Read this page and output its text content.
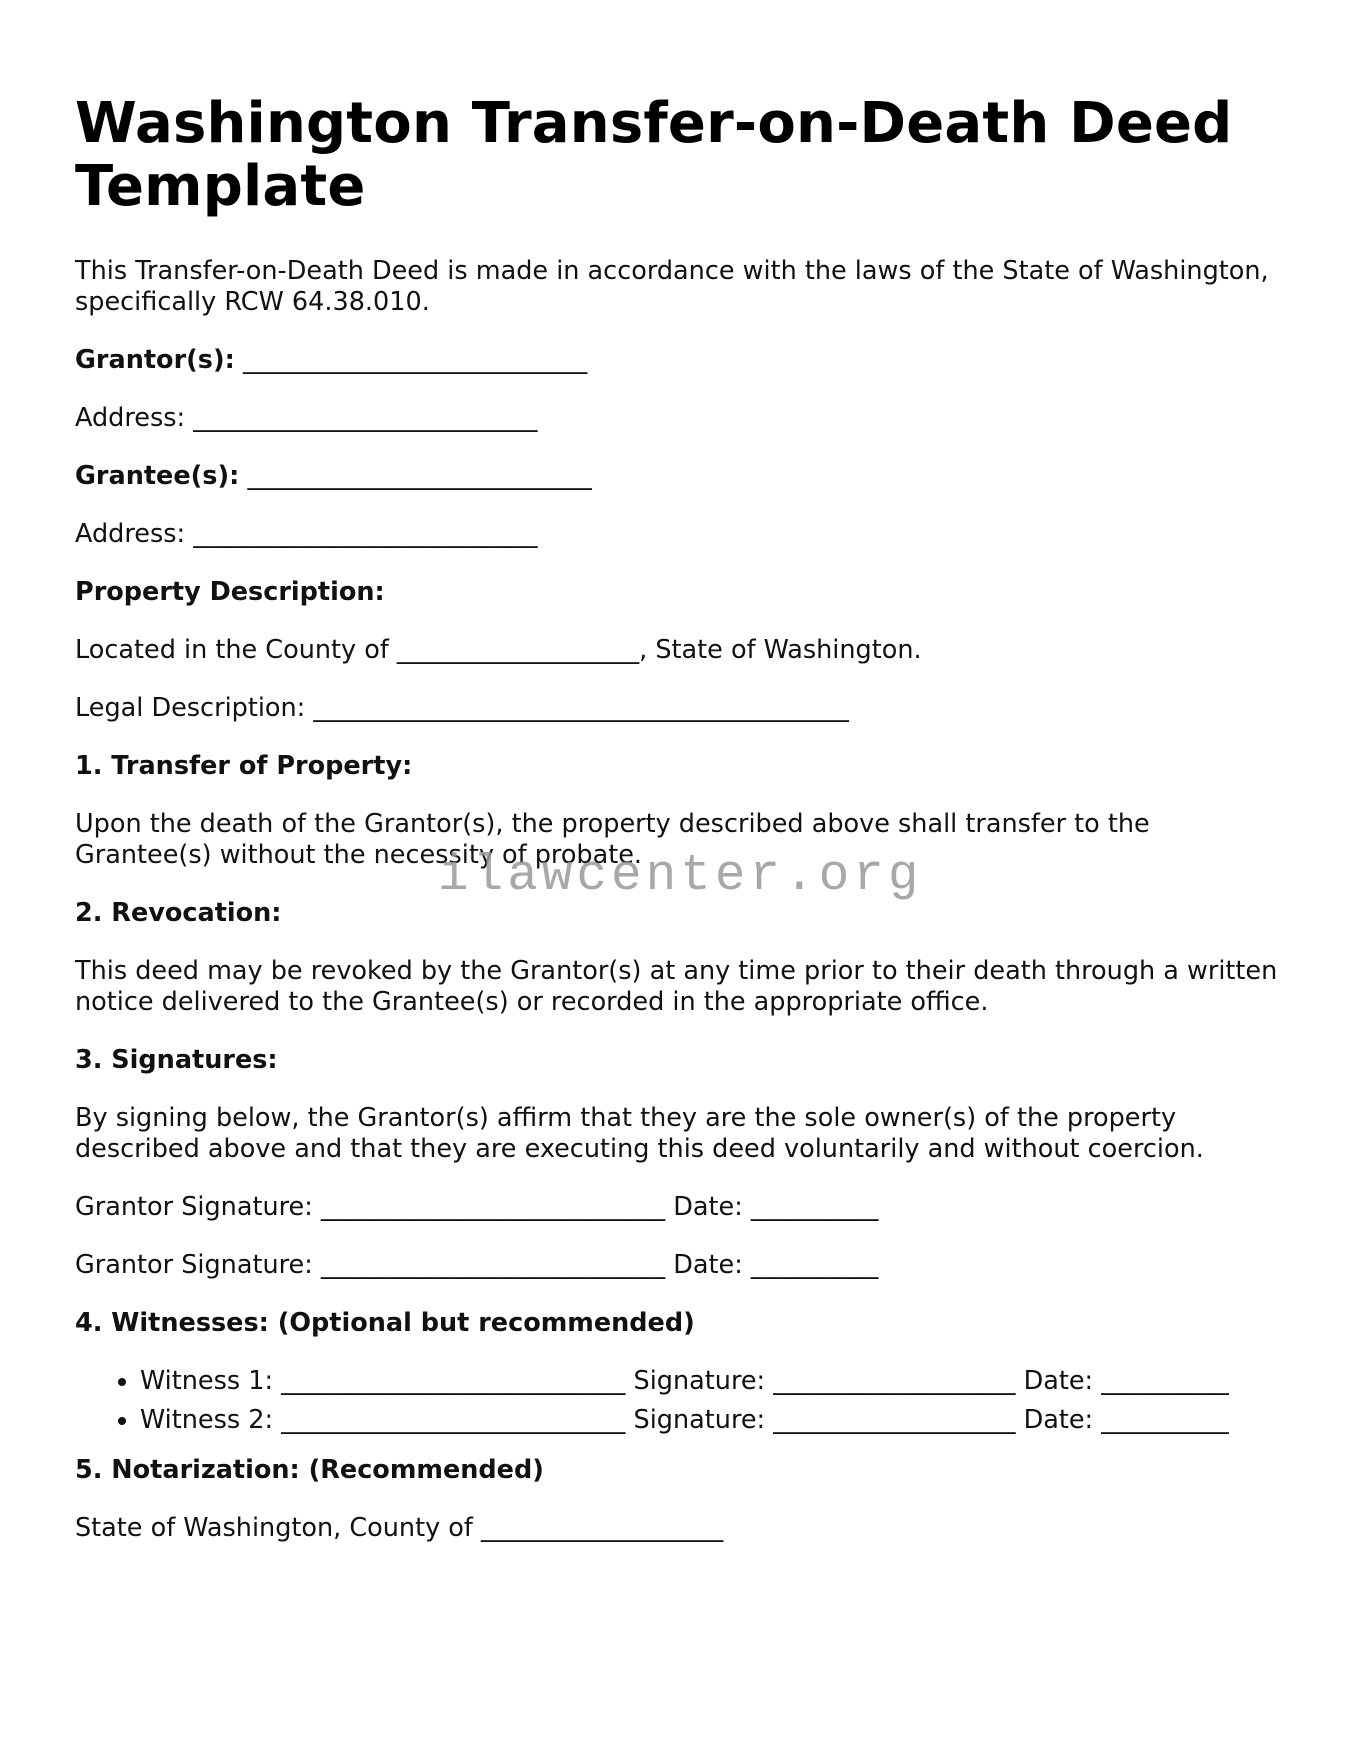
Washington Transfer-on-Death Deed Template

This Transfer-on-Death Deed is made in accordance with the laws of the State of Washington, specifically RCW 64.38.010.

Grantor(s): ___________________________

Address: ___________________________

Grantee(s): ___________________________

Address: ___________________________

Property Description:

Located in the County of ___________________, State of Washington.

Legal Description: __________________________________________

1. Transfer of Property:

Upon the death of the Grantor(s), the property described above shall transfer to the Grantee(s) without the necessity of probate.

2. Revocation:

This deed may be revoked by the Grantor(s) at any time prior to their death through a written notice delivered to the Grantee(s) or recorded in the appropriate office.

3. Signatures:

By signing below, the Grantor(s) affirm that they are the sole owner(s) of the property described above and that they are executing this deed voluntarily and without coercion.

Grantor Signature: ___________________________ Date: __________

Grantor Signature: ___________________________ Date: __________

4. Witnesses: (Optional but recommended)

• Witness 1: ___________________________ Signature: ___________________ Date: __________
• Witness 2: ___________________________ Signature: ___________________ Date: __________

5. Notarization: (Recommended)

State of Washington, County of ___________________

ilawcenter.org
